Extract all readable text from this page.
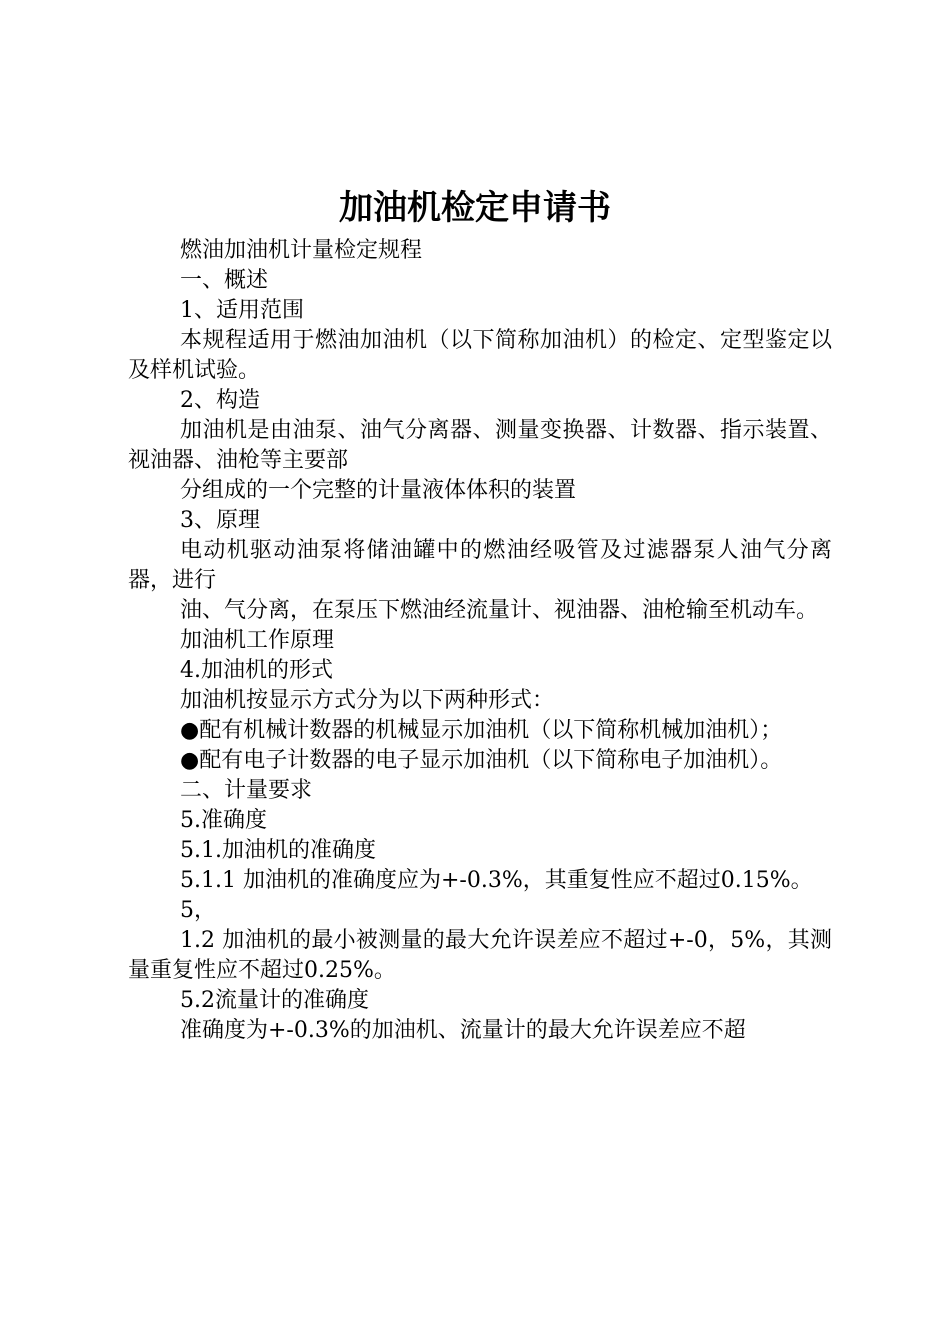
加油机检定申请书

燃油加油机计量检定规程

一、概述

1、适用范围

本规程适用于燃油加油机（以下简称加油机）的检定、定型鉴定以及样机试验。

2、构造

加油机是由油泵、油气分离器、测量变换器、计数器、指示装置、视油器、油枪等主要部

分组成的一个完整的计量液体体积的装置

3、原理

电动机驱动油泵将储油罐中的燃油经吸管及过滤器泵人油气分离器，进行

油、气分离，在泵压下燃油经流量计、视油器、油枪输至机动车。

加油机工作原理

4.加油机的形式

加油机按显示方式分为以下两种形式：

●配有机械计数器的机械显示加油机（以下简称机械加油机）；

●配有电子计数器的电子显示加油机（以下简称电子加油机）。

二、计量要求

5.准确度

5.1.加油机的准确度

5.1.1 加油机的准确度应为+-0.3%，其重复性应不超过0.15%。

5，

1.2 加油机的最小被测量的最大允许误差应不超过+-0，5%，其测量重复性应不超过0.25%。

5.2流量计的准确度

准确度为+-0.3%的加油机、流量计的最大允许误差应不超
